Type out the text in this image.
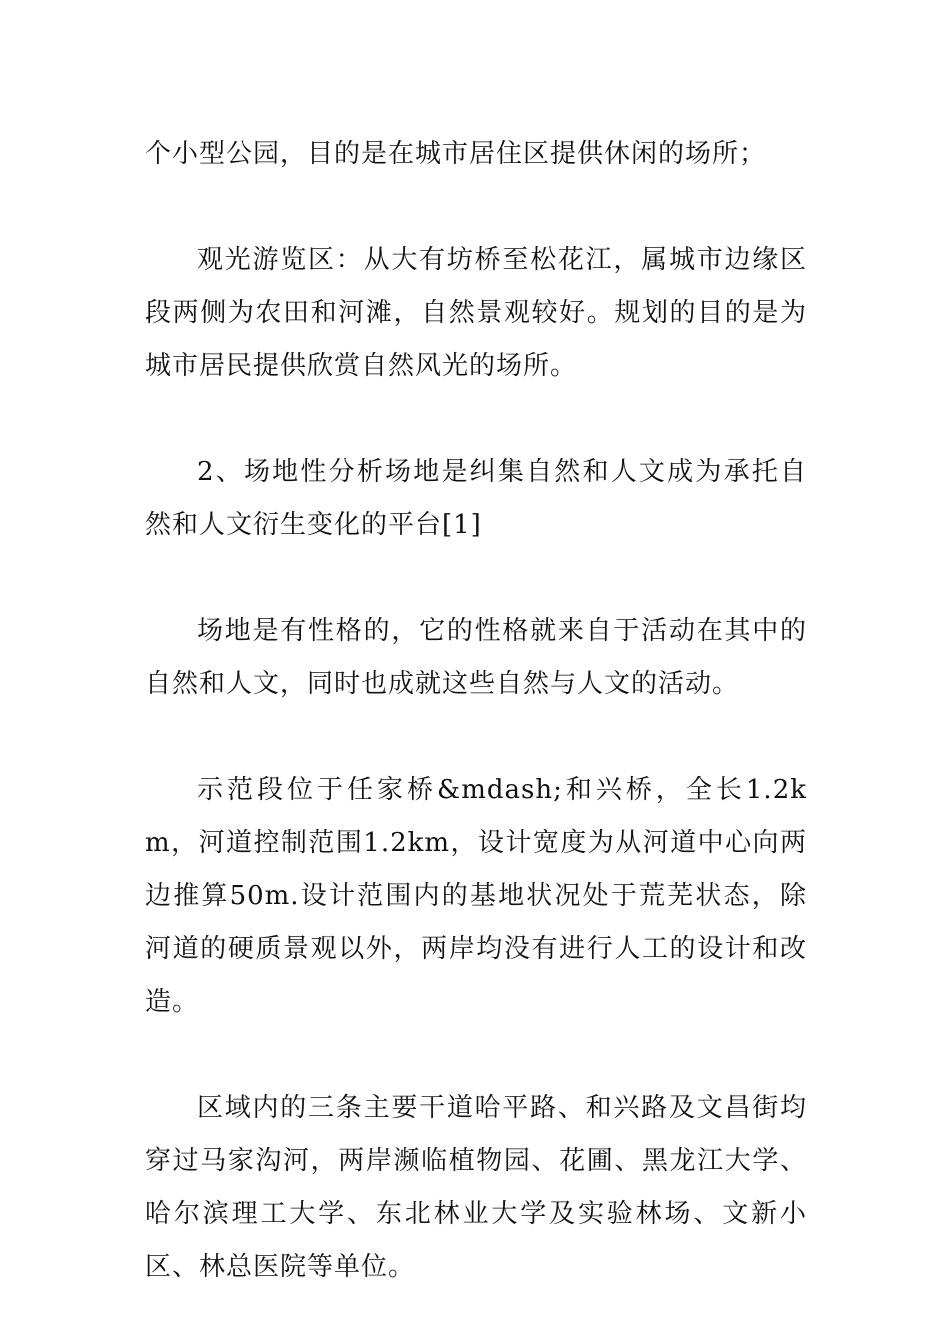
个小型公园，目的是在城市居住区提供休闲的场所；

观光游览区：从大有坊桥至松花江，属城市边缘区段两侧为农田和河滩，自然景观较好。规划的目的是为城市居民提供欣赏自然风光的场所。

2、场地性分析场地是纠集自然和人文成为承托自然和人文衍生变化的平台[1]

场地是有性格的，它的性格就来自于活动在其中的自然和人文，同时也成就这些自然与人文的活动。

示范段位于任家桥&mdash;和兴桥，全长1.2km，河道控制范围1.2km，设计宽度为从河道中心向两边推算50m.设计范围内的基地状况处于荒芜状态，除河道的硬质景观以外，两岸均没有进行人工的设计和改造。

区域内的三条主要干道哈平路、和兴路及文昌街均穿过马家沟河，两岸濒临植物园、花圃、黑龙江大学、哈尔滨理工大学、东北林业大学及实验林场、文新小区、林总医院等单位。
